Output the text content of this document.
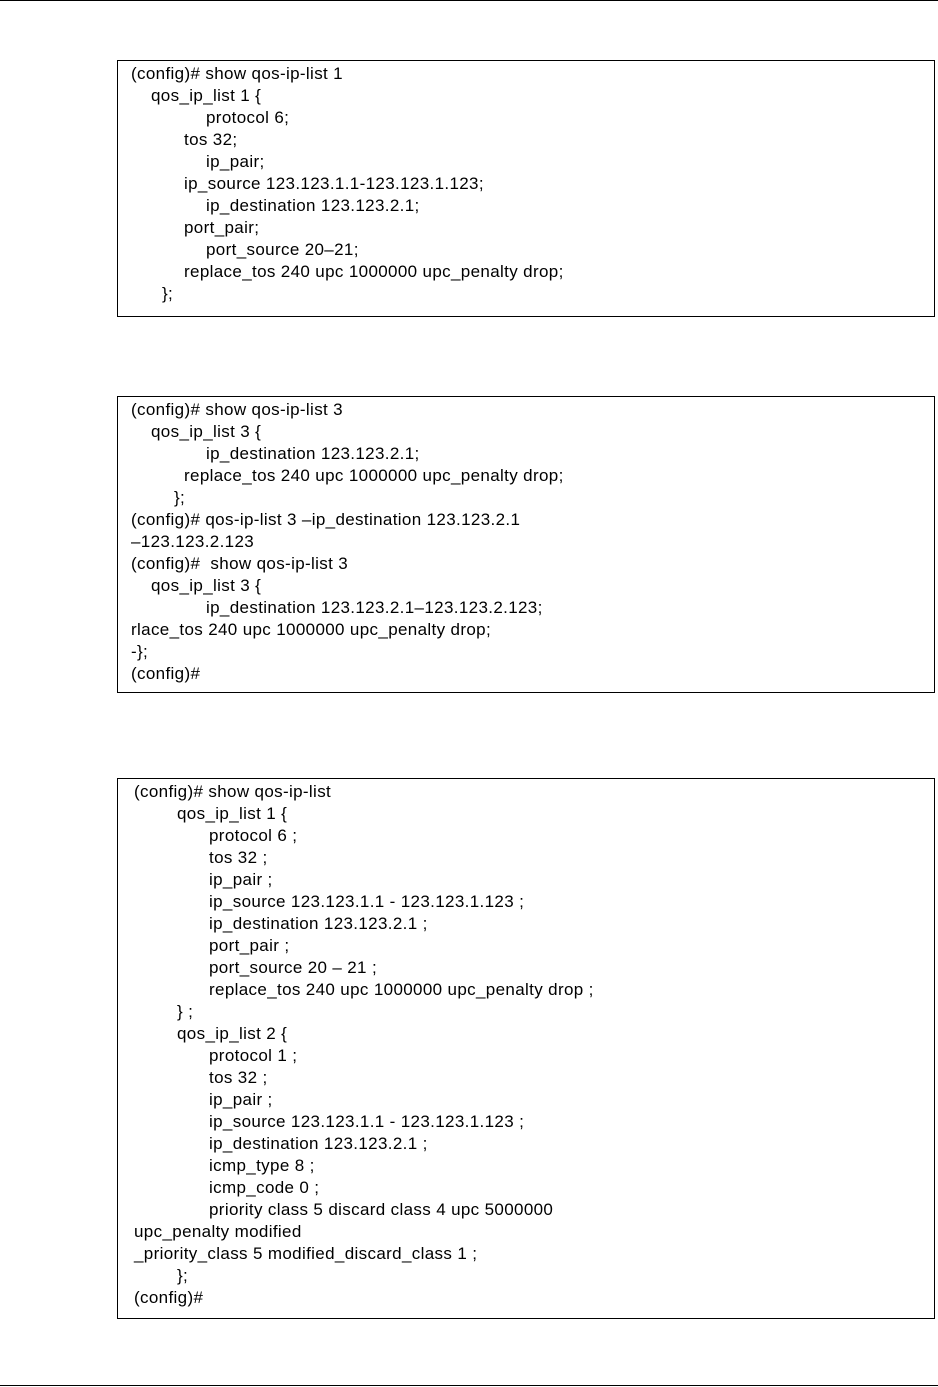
(config)# show qos-ip-list 1
qos_ip_list 1 {
protocol 6;
tos 32;
ip_pair;
ip_source 123.123.1.1-123.123.1.123;
ip_destination 123.123.2.1;
port_pair;
port_source 20–21;
replace_tos 240 upc 1000000 upc_penalty drop;
};
(config)# show qos-ip-list 3
qos_ip_list 3 {
ip_destination 123.123.2.1;
replace_tos 240 upc 1000000 upc_penalty drop;
};
(config)# qos-ip-list 3 –ip_destination 123.123.2.1
–123.123.2.123
(config)#  show qos-ip-list 3
qos_ip_list 3 {
ip_destination 123.123.2.1–123.123.2.123;
rlace_tos 240 upc 1000000 upc_penalty drop;
-};
(config)#
(config)# show qos-ip-list
qos_ip_list 1 {
protocol 6 ;
tos 32 ;
ip_pair ;
ip_source 123.123.1.1 - 123.123.1.123 ;
ip_destination 123.123.2.1 ;
port_pair ;
port_source 20 – 21 ;
replace_tos 240 upc 1000000 upc_penalty drop ;
} ;
qos_ip_list 2 {
protocol 1 ;
tos 32 ;
ip_pair ;
ip_source 123.123.1.1 - 123.123.1.123 ;
ip_destination 123.123.2.1 ;
icmp_type 8 ;
icmp_code 0 ;
priority class 5 discard class 4 upc 5000000
upc_penalty modified
_priority_class 5 modified_discard_class 1 ;
};
(config)#
